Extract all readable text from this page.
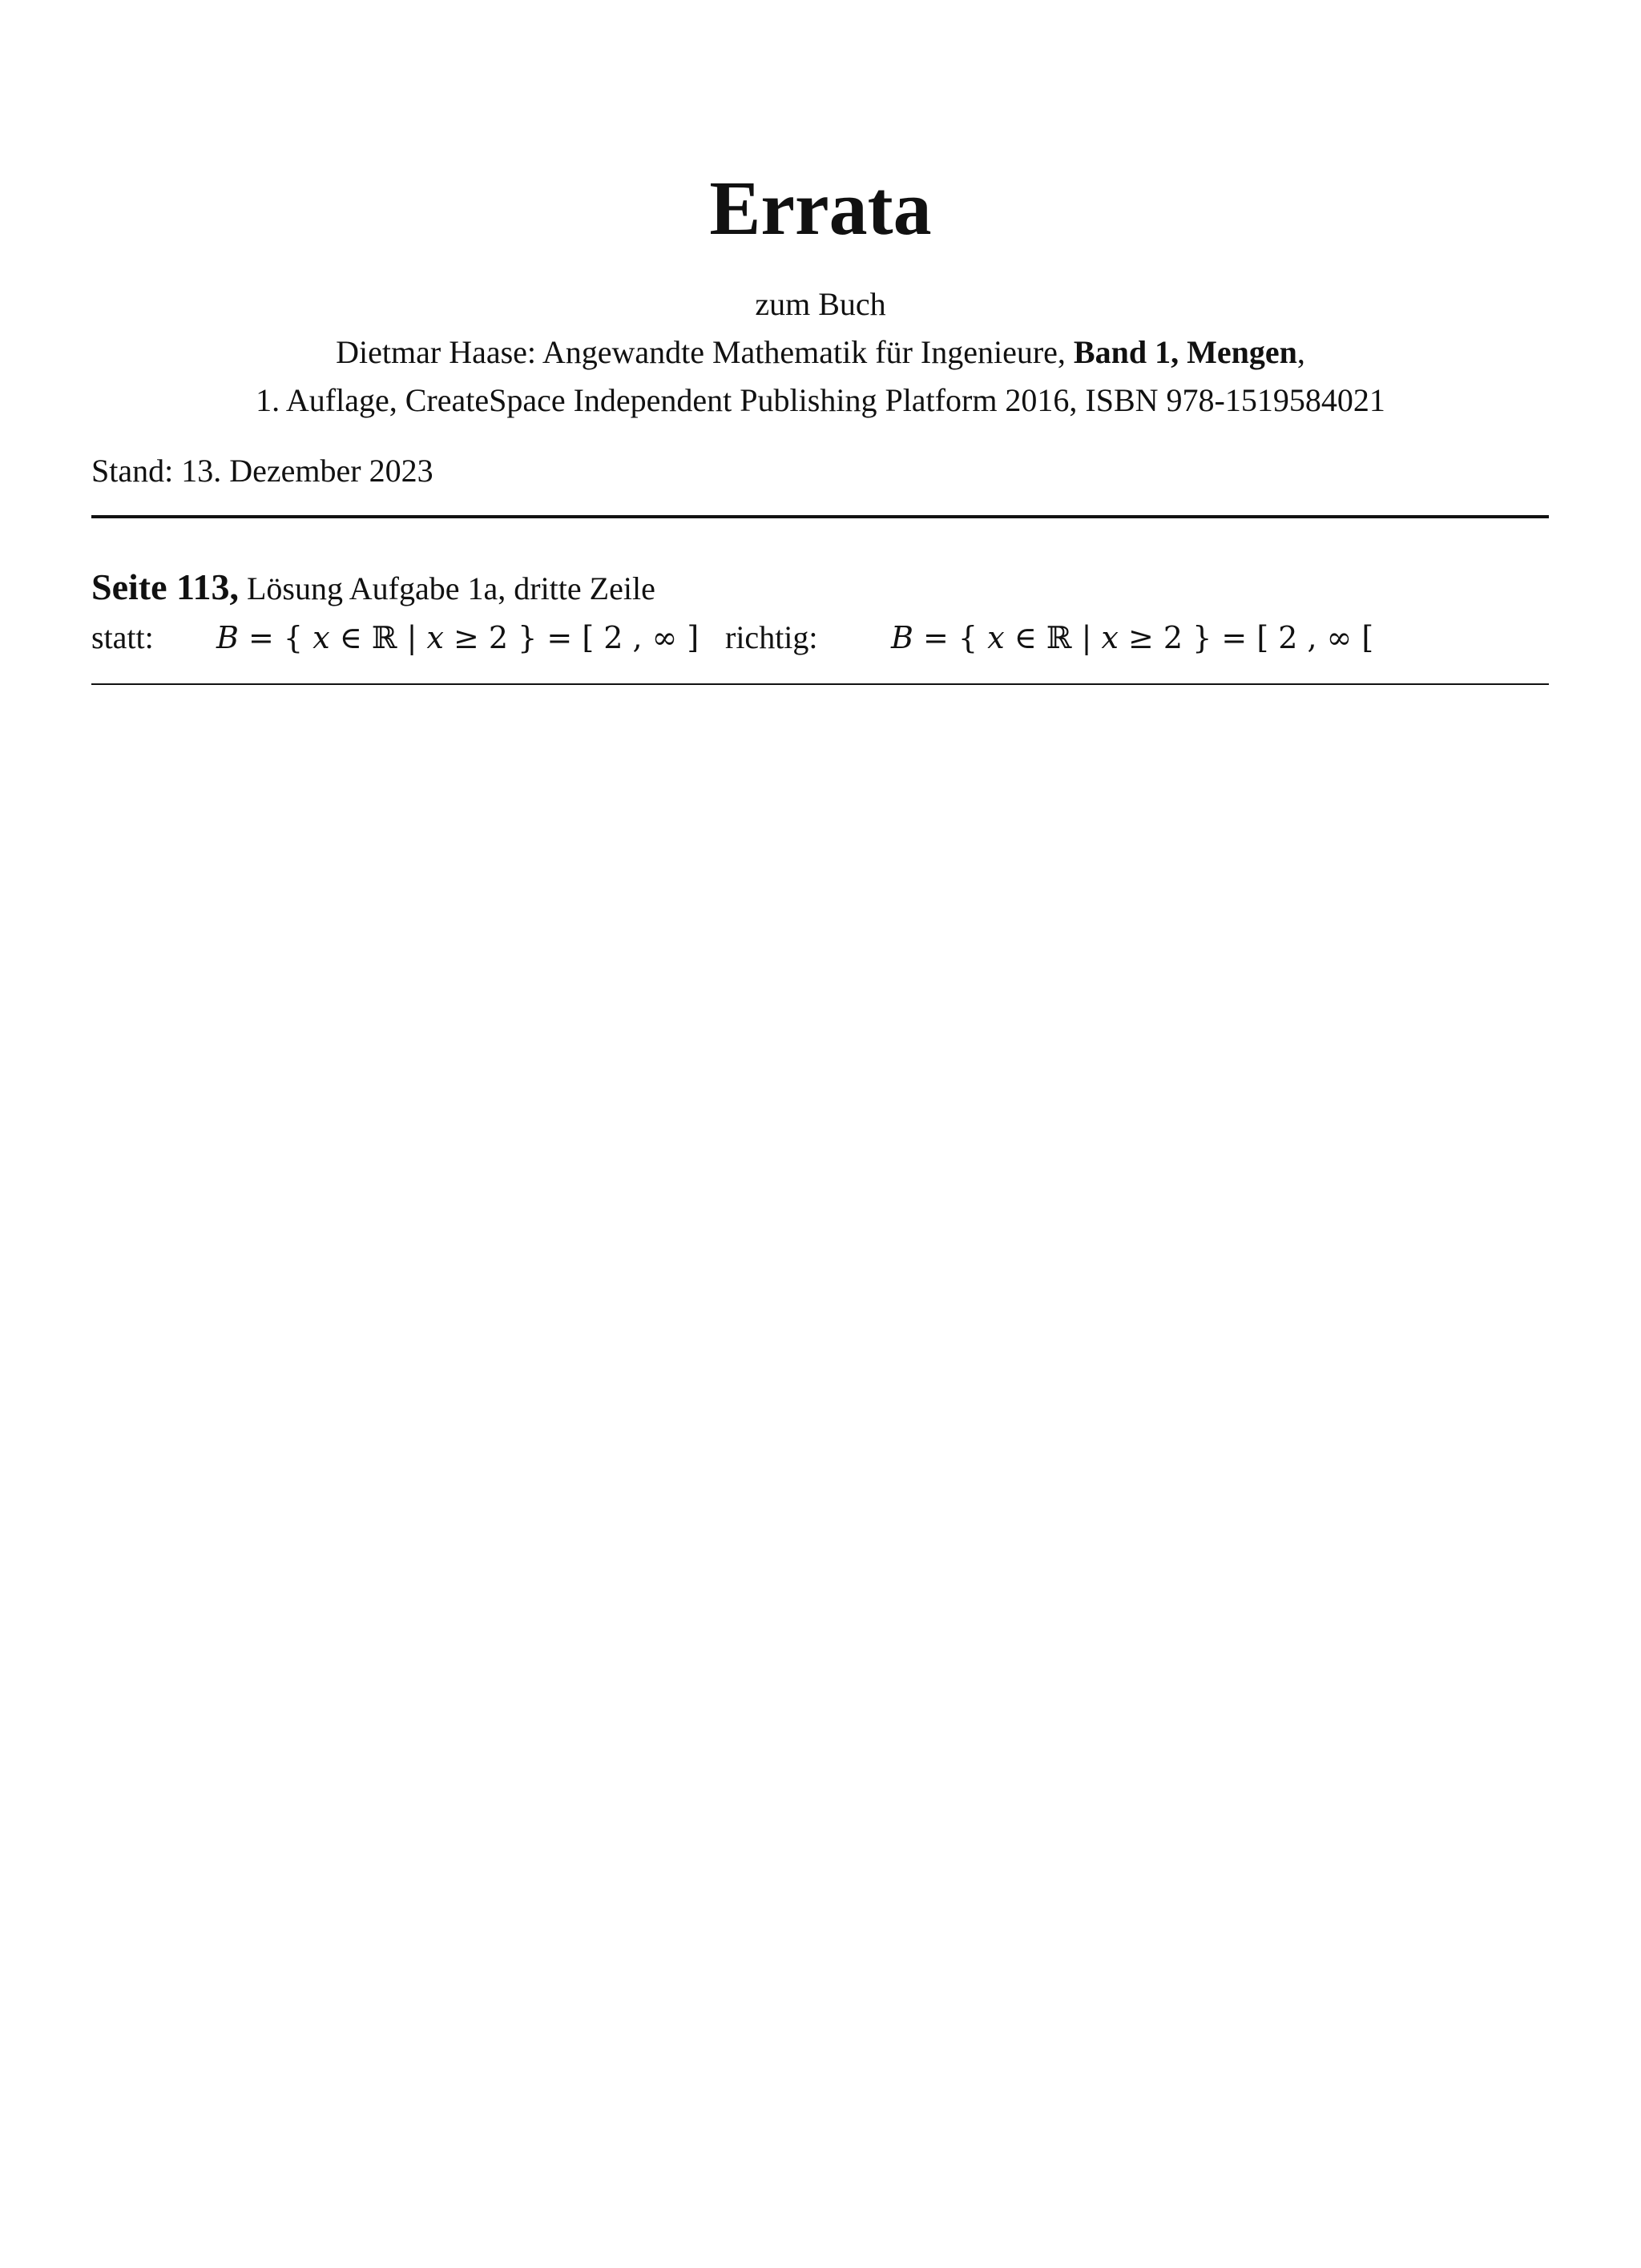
Errata
zum Buch
Dietmar Haase: Angewandte Mathematik für Ingenieure, Band 1, Mengen,
1. Auflage, CreateSpace Independent Publishing Platform 2016, ISBN 978-1519584021
Stand: 13. Dezember 2023
Seite 113, Lösung Aufgabe 1a, dritte Zeile
statt: B = { x ∈ ℝ | x ≥ 2 } = [ 2 , ∞ ] richtig: B = { x ∈ ℝ | x ≥ 2 } = [ 2 , ∞ [
